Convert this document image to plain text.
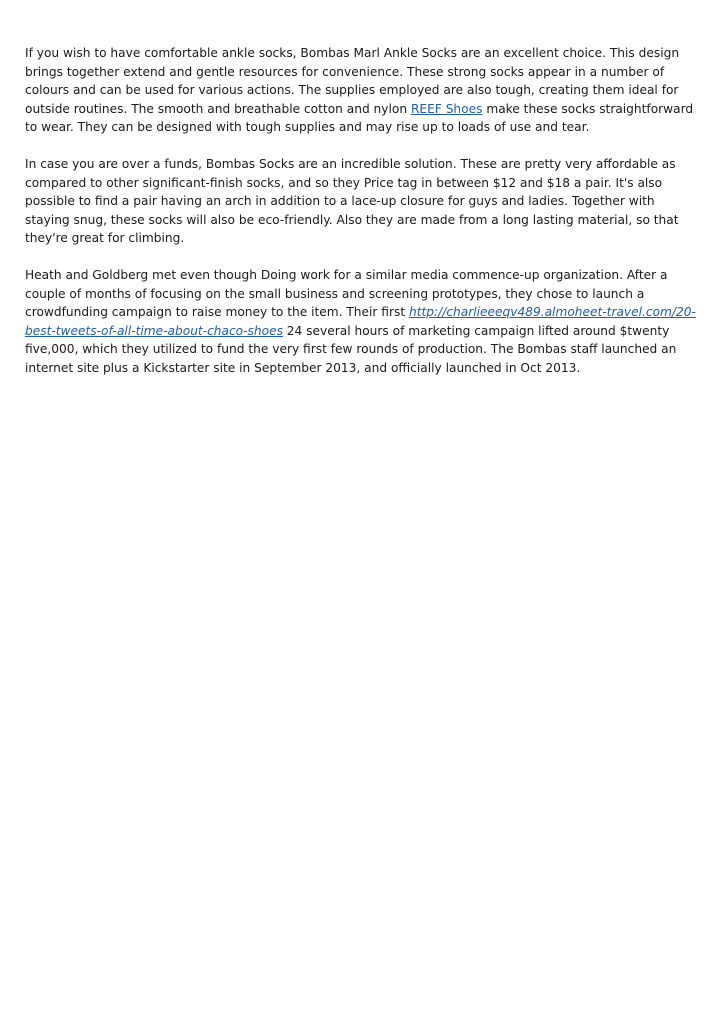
If you wish to have comfortable ankle socks, Bombas Marl Ankle Socks are an excellent choice. This design brings together extend and gentle resources for convenience. These strong socks appear in a number of colours and can be used for various actions. The supplies employed are also tough, creating them ideal for outside routines. The smooth and breathable cotton and nylon REEF Shoes make these socks straightforward to wear. They can be designed with tough supplies and may rise up to loads of use and tear.

In case you are over a funds, Bombas Socks are an incredible solution. These are pretty very affordable as compared to other significant-finish socks, and so they Price tag in between $12 and $18 a pair. It's also possible to find a pair having an arch in addition to a lace-up closure for guys and ladies. Together with staying snug, these socks will also be eco-friendly. Also they are made from a long lasting material, so that they're great for climbing.

Heath and Goldberg met even though Doing work for a similar media commence-up organization. After a couple of months of focusing on the small business and screening prototypes, they chose to launch a crowdfunding campaign to raise money to the item. Their first http://charlieeeqv489.almoheet-travel.com/20-best-tweets-of-all-time-about-chaco-shoes 24 several hours of marketing campaign lifted around $twenty five,000, which they utilized to fund the very first few rounds of production. The Bombas staff launched an internet site plus a Kickstarter site in September 2013, and officially launched in Oct 2013.
